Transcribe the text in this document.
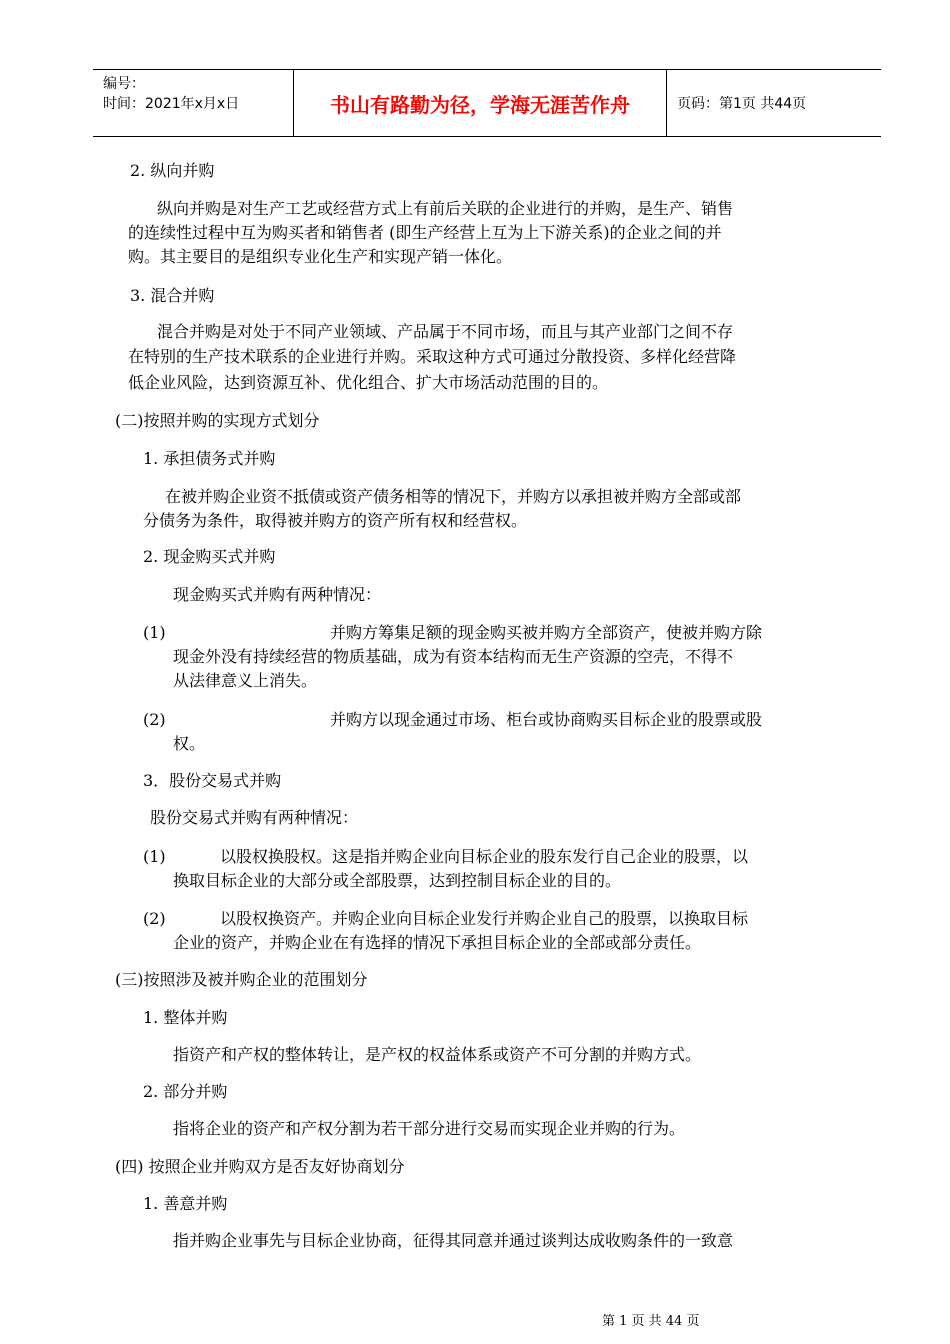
编号：
时间：2021年x月x日	书山有路勤为径，学海无涯苦作舟	页码：第1页 共44页
2. 纵向并购
纵向并购是对生产工艺或经营方式上有前后关联的企业进行的并购，是生产、销售
的连续性过程中互为购买者和销售者 (即生产经营上互为上下游关系)的企业之间的并
购。其主要目的是组织专业化生产和实现产销一体化。
3. 混合并购
混合并购是对处于不同产业领域、产品属于不同市场，而且与其产业部门之间不存
在特别的生产技术联系的企业进行并购。采取这种方式可通过分散投资、多样化经营降
低企业风险，达到资源互补、优化组合、扩大市场活动范围的目的。
(二)按照并购的实现方式划分
1. 承担债务式并购
在被并购企业资不抵债或资产债务相等的情况下，并购方以承担被并购方全部或部
分债务为条件，取得被并购方的资产所有权和经营权。
2. 现金购买式并购
现金购买式并购有两种情况：
(1)	并购方筹集足额的现金购买被并购方全部资产，使被并购方除
现金外没有持续经营的物质基础，成为有资本结构而无生产资源的空壳，不得不
从法律意义上消失。
(2)	并购方以现金通过市场、柜台或协商购买目标企业的股票或股
权。
3．股份交易式并购
股份交易式并购有两种情况：
(1)	以股权换股权。这是指并购企业向目标企业的股东发行自己企业的股票，以
换取目标企业的大部分或全部股票，达到控制目标企业的目的。
(2)	以股权换资产。并购企业向目标企业发行并购企业自己的股票，以换取目标
企业的资产，并购企业在有选择的情况下承担目标企业的全部或部分责任。
(三)按照涉及被并购企业的范围划分
1. 整体并购
指资产和产权的整体转让，是产权的权益体系或资产不可分割的并购方式。
2. 部分并购
指将企业的资产和产权分割为若干部分进行交易而实现企业并购的行为。
(四) 按照企业并购双方是否友好协商划分
1. 善意并购
指并购企业事先与目标企业协商，征得其同意并通过谈判达成收购条件的一致意
第 1 页 共 44 页
